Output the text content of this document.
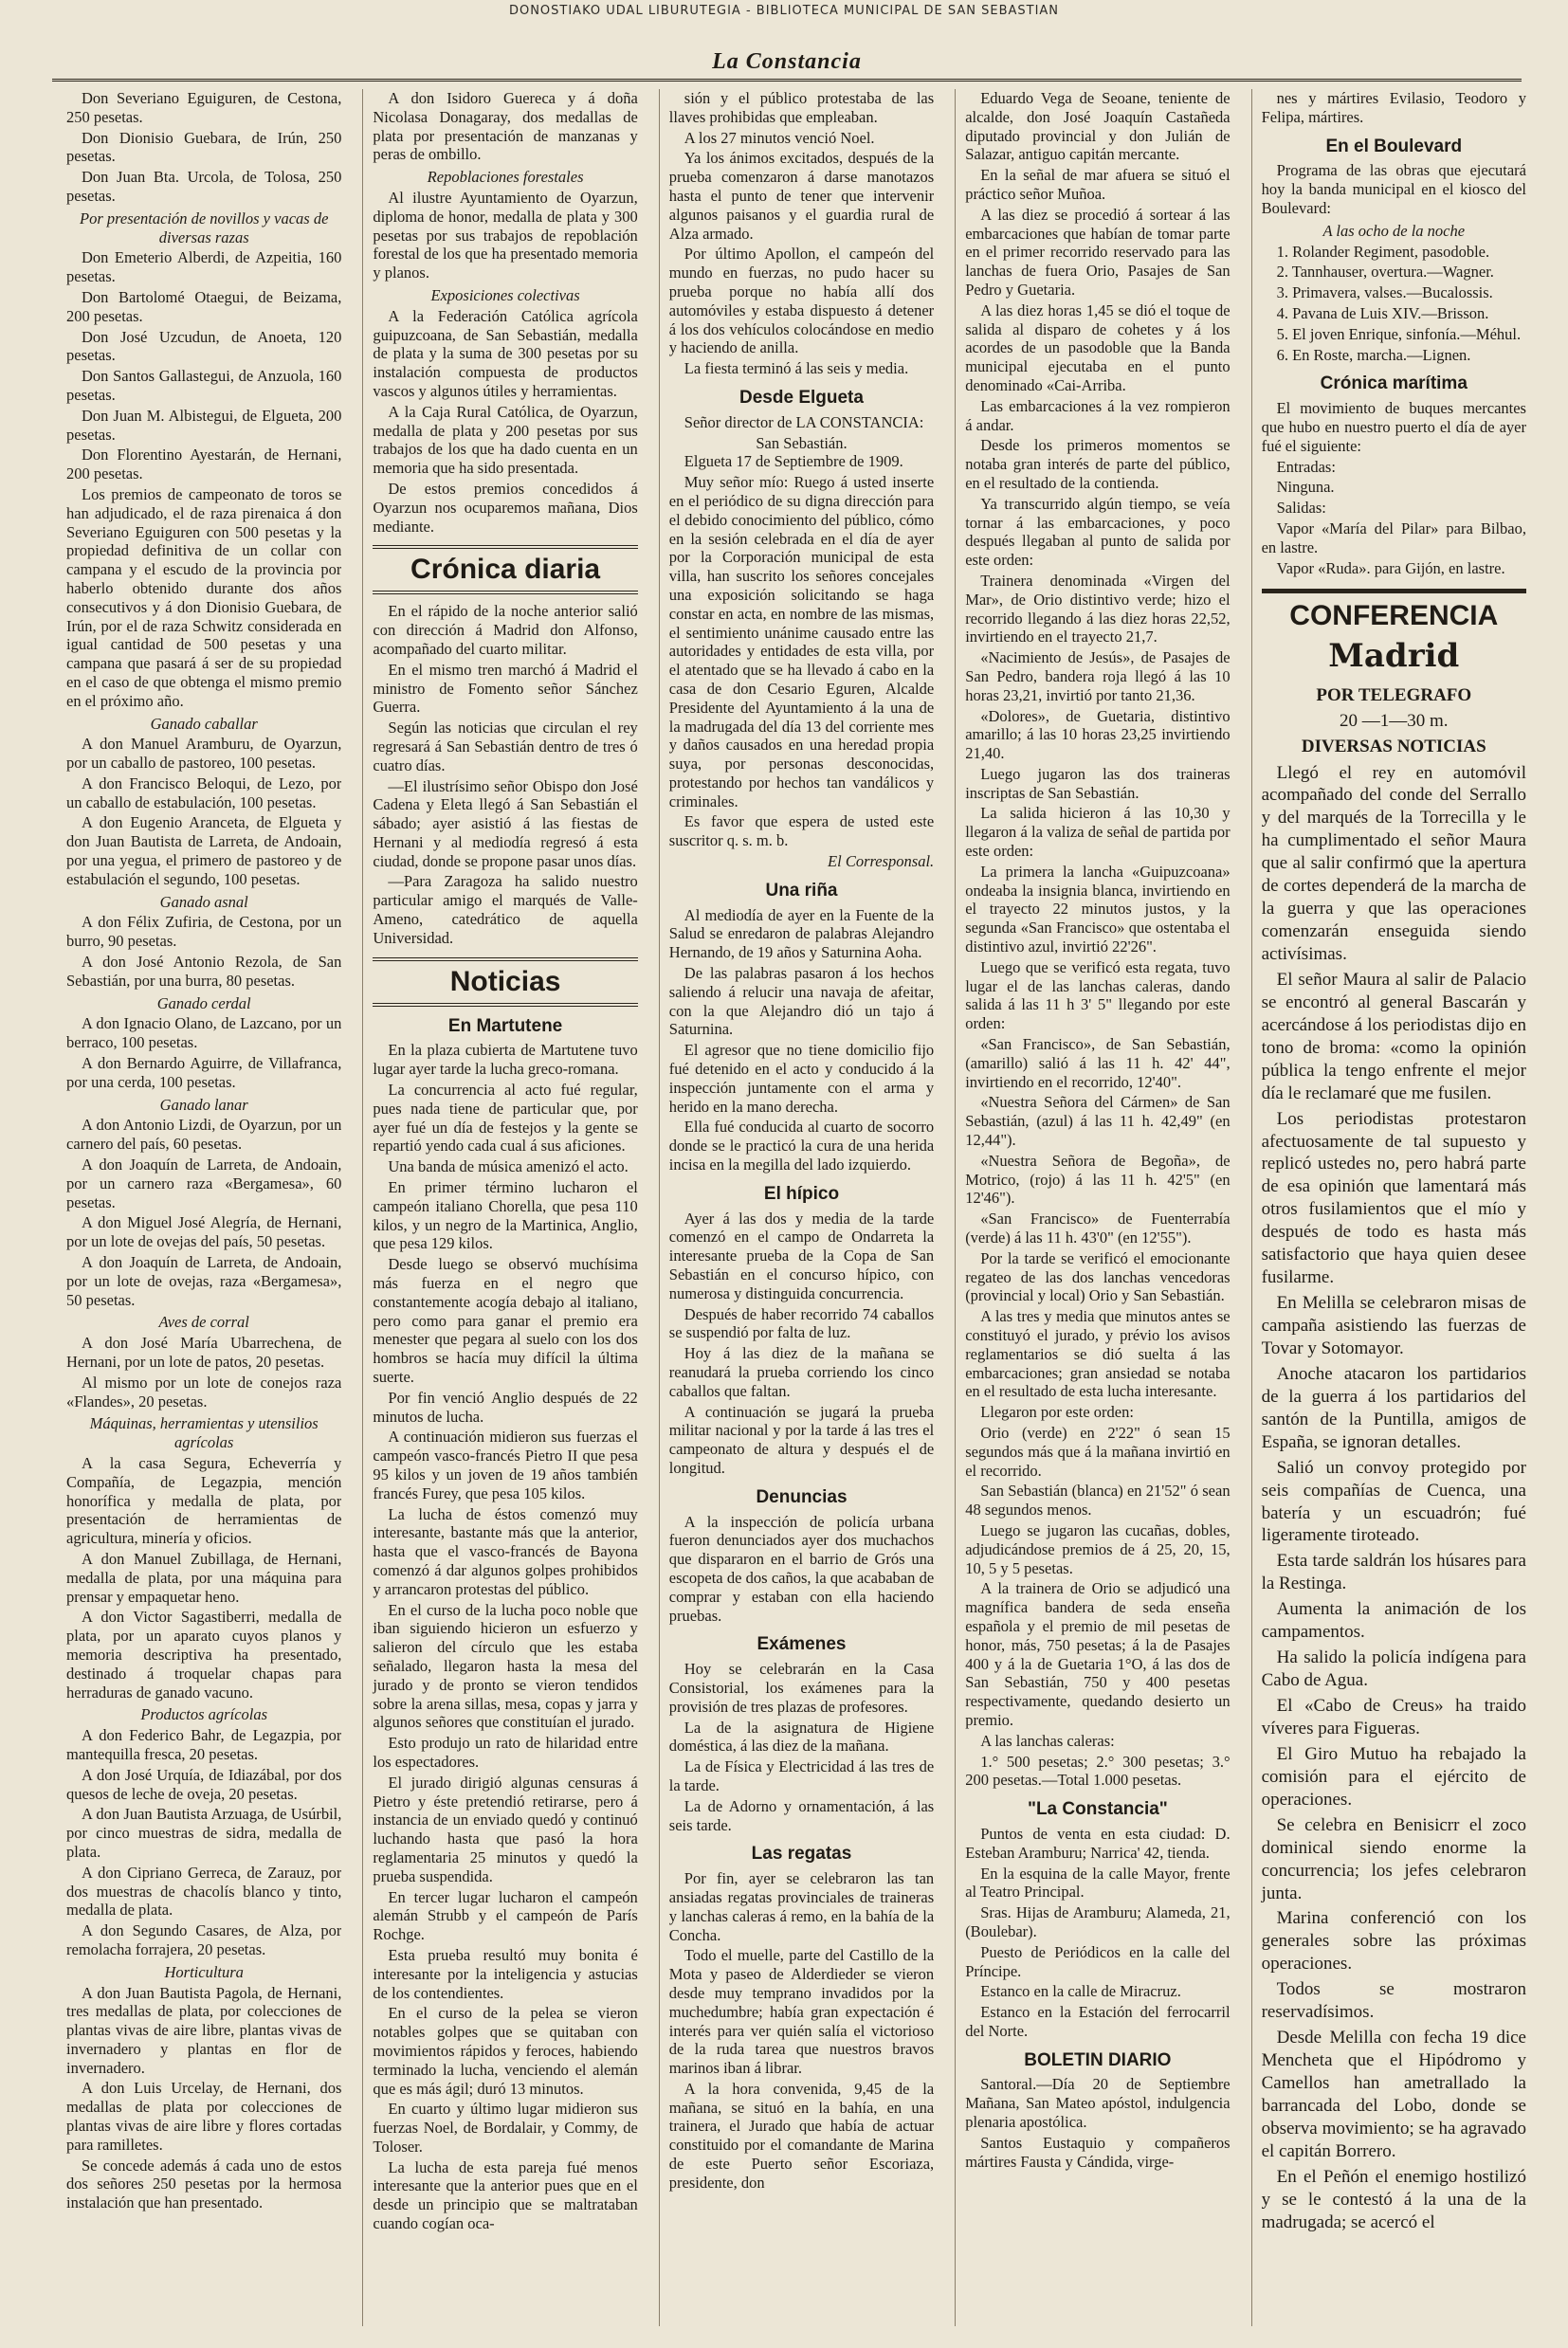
DONOSTIAKO UDAL LIBURUTEGIA - BIBLIOTECA MUNICIPAL DE SAN SEBASTIAN
La Constancia

Don Severiano Eguiguren, de Cestona, 250 pesetas.

Don Dionisio Guebara, de Irún, 250 pesetas.

Don Juan Bta. Urcola, de Tolosa, 250 pesetas.

Por presentación de novillos y vacas de diversas razas

Don Emeterio Alberdi, de Azpeitia, 160 pesetas.

Don Bartolomé Otaegui, de Beizama, 200 pesetas.

Don José Uzcudun, de Anoeta, 120 pesetas.

Don Santos Gallastegui, de Anzuola, 160 pesetas.

Don Juan M. Albistegui, de Elgueta, 200 pesetas.

Don Florentino Ayestarán, de Hernani, 200 pesetas.

Los premios de campeonato de toros se han adjudicado, el de raza pirenaica á don Severiano Eguiguren con 500 pesetas y la propiedad definitiva de un collar con campana y el escudo de la provincia por haberlo obtenido durante dos años consecutivos y á don Dionisio Guebara, de Irún, por el de raza Schwitz considerada en igual cantidad de 500 pesetas y una campana que pasará á ser de su propiedad en el caso de que obtenga el mismo premio en el próximo año.

Ganado caballar

A don Manuel Aramburu, de Oyarzun, por un caballo de pastoreo, 100 pesetas.

A don Francisco Beloqui, de Lezo, por un caballo de estabulación, 100 pesetas.

A don Eugenio Aranceta, de Elgueta y don Juan Bautista de Larreta, de Andoain, por una yegua, el primero de pastoreo y de estabulación el segundo, 100 pesetas.

Ganado asnal

A don Félix Zufiria, de Cestona, por un burro, 90 pesetas.

A don José Antonio Rezola, de San Sebastián, por una burra, 80 pesetas.

Ganado cerdal

A don Ignacio Olano, de Lazcano, por un berraco, 100 pesetas.

A don Bernardo Aguirre, de Villafranca, por una cerda, 100 pesetas.

Ganado lanar

A don Antonio Lizdi, de Oyarzun, por un carnero del país, 60 pesetas.

A don Joaquín de Larreta, de Andoain, por un carnero raza «Bergamesa», 60 pesetas.

A don Miguel José Alegría, de Hernani, por un lote de ovejas del país, 50 pesetas.

A don Joaquín de Larreta, de Andoain, por un lote de ovejas, raza «Bergamesa», 50 pesetas.

Aves de corral

A don José María Ubarrechena, de Hernani, por un lote de patos, 20 pesetas.

Al mismo por un lote de conejos raza «Flandes», 20 pesetas.

Máquinas, herramientas y utensilios agrícolas

A la casa Segura, Echeverría y Compañía, de Legazpia, mención honorífica y medalla de plata, por presentación de herramientas de agricultura, minería y oficios.

A don Manuel Zubillaga, de Hernani, medalla de plata, por una máquina para prensar y empaquetar heno.

A don Victor Sagastiberri, medalla de plata, por un aparato cuyos planos y memoria descriptiva ha presentado, destinado á troquelar chapas para herraduras de ganado vacuno.

Productos agrícolas

A don Federico Bahr, de Legazpia, por mantequilla fresca, 20 pesetas.

A don José Urquía, de Idiazábal, por dos quesos de leche de oveja, 20 pesetas.

A don Juan Bautista Arzuaga, de Usúrbil, por cinco muestras de sidra, medalla de plata.

A don Cipriano Gerreca, de Zarauz, por dos muestras de chacolís blanco y tinto, medalla de plata.

A don Segundo Casares, de Alza, por remolacha forrajera, 20 pesetas.

Horticultura

A don Juan Bautista Pagola, de Hernani, tres medallas de plata, por colecciones de plantas vivas de aire libre, plantas vivas de invernadero y plantas en flor de invernadero.

A don Luis Urcelay, de Hernani, dos medallas de plata por colecciones de plantas vivas de aire libre y flores cortadas para ramilletes.

Se concede además á cada uno de estos dos señores 250 pesetas por la hermosa instalación que han presentado.

A don Isidoro Guereca y á doña Nicolasa Donagaray, dos medallas de plata por presentación de manzanas y peras de ombillo.

Repoblaciones forestales

Al ilustre Ayuntamiento de Oyarzun, diploma de honor, medalla de plata y 300 pesetas por sus trabajos de repoblación forestal de los que ha presentado memoria y planos.

Exposiciones colectivas

A la Federación Católica agrícola guipuzcoana, de San Sebastián, medalla de plata y la suma de 300 pesetas por su instalación compuesta de productos vascos y algunos útiles y herramientas.

A la Caja Rural Católica, de Oyarzun, medalla de plata y 200 pesetas por sus trabajos de los que ha dado cuenta en un memoria que ha sido presentada.

De estos premios concedidos á Oyarzun nos ocuparemos mañana, Dios mediante.

Crónica diaria

En el rápido de la noche anterior salió con dirección á Madrid don Alfonso, acompañado del cuarto militar.

En el mismo tren marchó á Madrid el ministro de Fomento señor Sánchez Guerra.

Según las noticias que circulan el rey regresará á San Sebastián dentro de tres ó cuatro días.

—El ilustrísimo señor Obispo don José Cadena y Eleta llegó á San Sebastián el sábado; ayer asistió á las fiestas de Hernani y al mediodía regresó á esta ciudad, donde se propone pasar unos días.

—Para Zaragoza ha salido nuestro particular amigo el marqués de Valle-Ameno, catedrático de aquella Universidad.

Noticias
En Martutene

En la plaza cubierta de Martutene tuvo lugar ayer tarde la lucha greco-romana.

La concurrencia al acto fué regular, pues nada tiene de particular que, por ayer fué un día de festejos y la gente se repartió yendo cada cual á sus aficiones.

Una banda de música amenizó el acto.

En primer término lucharon el campeón italiano Chorella, que pesa 110 kilos, y un negro de la Martinica, Anglio, que pesa 129 kilos.

Desde luego se observó muchísima más fuerza en el negro que constantemente acogía debajo al italiano, pero como para ganar el premio era menester que pegara al suelo con los dos hombros se hacía muy difícil la última suerte.

Por fin venció Anglio después de 22 minutos de lucha.

A continuación midieron sus fuerzas el campeón vasco-francés Pietro II que pesa 95 kilos y un joven de 19 años también francés Furey, que pesa 105 kilos.

La lucha de éstos comenzó muy interesante, bastante más que la anterior, hasta que el vasco-francés de Bayona comenzó á dar algunos golpes prohibidos y arrancaron protestas del público.

En el curso de la lucha poco noble que iban siguiendo hicieron un esfuerzo y salieron del círculo que les estaba señalado, llegaron hasta la mesa del jurado y de pronto se vieron tendidos sobre la arena sillas, mesa, copas y jarra y algunos señores que constituían el jurado.

Esto produjo un rato de hilaridad entre los espectadores.

El jurado dirigió algunas censuras á Pietro y éste pretendió retirarse, pero á instancia de un enviado quedó y continuó luchando hasta que pasó la hora reglamentaria 25 minutos y quedó la prueba suspendida.

En tercer lugar lucharon el campeón alemán Strubb y el campeón de París Rochge.

Esta prueba resultó muy bonita é interesante por la inteligencia y astucias de los contendientes.

En el curso de la pelea se vieron notables golpes que se quitaban con movimientos rápidos y feroces, habiendo terminado la lucha, venciendo el alemán que es más ágil; duró 13 minutos.

En cuarto y último lugar midieron sus fuerzas Noel, de Bordalair, y Commy, de Toloser.

La lucha de esta pareja fué menos interesante que la anterior pues que en el desde un principio que se maltrataban cuando cogían oca-

sión y el público protestaba de las llaves prohibidas que empleaban.

A los 27 minutos venció Noel.

Ya los ánimos excitados, después de la prueba comenzaron á darse manotazos hasta el punto de tener que intervenir algunos paisanos y el guardia rural de Alza armado.

Por último Apollon, el campeón del mundo en fuerzas, no pudo hacer su prueba porque no había allí dos automóviles y estaba dispuesto á detener á los dos vehículos colocándose en medio y haciendo de anilla.

La fiesta terminó á las seis y media.

Desde Elgueta

Señor director de LA CONSTANCIA:

San Sebastián.

Elgueta 17 de Septiembre de 1909.

Muy señor mío: Ruego á usted inserte en el periódico de su digna dirección para el debido conocimiento del público, cómo en la sesión celebrada en el día de ayer por la Corporación municipal de esta villa, han suscrito los señores concejales una exposición solicitando se haga constar en acta, en nombre de las mismas, el sentimiento unánime causado entre las autoridades y entidades de esta villa, por el atentado que se ha llevado á cabo en la casa de don Cesario Eguren, Alcalde Presidente del Ayuntamiento á la una de la madrugada del día 13 del corriente mes y daños causados en una heredad propia suya, por personas desconocidas, protestando por hechos tan vandálicos y criminales.

Es favor que espera de usted este suscritor q. s. m. b.

El Corresponsal.
Una riña

Al mediodía de ayer en la Fuente de la Salud se enredaron de palabras Alejandro Hernando, de 19 años y Saturnina Aoha.

De las palabras pasaron á los hechos saliendo á relucir una navaja de afeitar, con la que Alejandro dió un tajo á Saturnina.

El agresor que no tiene domicilio fijo fué detenido en el acto y conducido á la inspección juntamente con el arma y herido en la mano derecha.

Ella fué conducida al cuarto de socorro donde se le practicó la cura de una herida incisa en la megilla del lado izquierdo.

El hípico

Ayer á las dos y media de la tarde comenzó en el campo de Ondarreta la interesante prueba de la Copa de San Sebastián en el concurso hípico, con numerosa y distinguida concurrencia.

Después de haber recorrido 74 caballos se suspendió por falta de luz.

Hoy á las diez de la mañana se reanudará la prueba corriendo los cinco caballos que faltan.

A continuación se jugará la prueba militar nacional y por la tarde á las tres el campeonato de altura y después el de longitud.

Denuncias

A la inspección de policía urbana fueron denunciados ayer dos muchachos que dispararon en el barrio de Grós una escopeta de dos caños, la que acababan de comprar y estaban con ella haciendo pruebas.

Exámenes

Hoy se celebrarán en la Casa Consistorial, los exámenes para la provisión de tres plazas de profesores.

La de la asignatura de Higiene doméstica, á las diez de la mañana.

La de Física y Electricidad á las tres de la tarde.

La de Adorno y ornamentación, á las seis tarde.

Las regatas

Por fin, ayer se celebraron las tan ansiadas regatas provinciales de traineras y lanchas caleras á remo, en la bahía de la Concha.

Todo el muelle, parte del Castillo de la Mota y paseo de Alderdieder se vieron desde muy temprano invadidos por la muchedumbre; había gran expectación é interés para ver quién salía el victorioso de la ruda tarea que nuestros bravos marinos iban á librar.

A la hora convenida, 9,45 de la mañana, se situó en la bahía, en una trainera, el Jurado que había de actuar constituido por el comandante de Marina de este Puerto señor Escoriaza, presidente, don

Eduardo Vega de Seoane, teniente de alcalde, don José Joaquín Castañeda diputado provincial y don Julián de Salazar, antiguo capitán mercante.

En la señal de mar afuera se situó el práctico señor Muñoa.

A las diez se procedió á sortear á las embarcaciones que habían de tomar parte en el primer recorrido reservado para las lanchas de fuera Orio, Pasajes de San Pedro y Guetaria.

A las diez horas 1,45 se dió el toque de salida al disparo de cohetes y á los acordes de un pasodoble que la Banda municipal ejecutaba en el punto denominado «Cai-Arriba.

Las embarcaciones á la vez rompieron á andar.

Desde los primeros momentos se notaba gran interés de parte del público, en el resultado de la contienda.

Ya transcurrido algún tiempo, se veía tornar á las embarcaciones, y poco después llegaban al punto de salida por este orden:

Trainera denominada «Virgen del Mar», de Orio distintivo verde; hizo el recorrido llegando á las diez horas 22,52, invirtiendo en el trayecto 21,7.

«Nacimiento de Jesús», de Pasajes de San Pedro, bandera roja llegó á las 10 horas 23,21, invirtió por tanto 21,36.

«Dolores», de Guetaria, distintivo amarillo; á las 10 horas 23,25 invirtiendo 21,40.

Luego jugaron las dos traineras inscriptas de San Sebastián.

La salida hicieron á las 10,30 y llegaron á la valiza de señal de partida por este orden:

La primera la lancha «Guipuzcoana» ondeaba la insignia blanca, invirtiendo en el trayecto 22 minutos justos, y la segunda «San Francisco» que ostentaba el distintivo azul, invirtió 22'26".

Luego que se verificó esta regata, tuvo lugar el de las lanchas caleras, dando salida á las 11 h 3' 5" llegando por este orden:

«San Francisco», de San Sebastián, (amarillo) salió á las 11 h. 42' 44", invirtiendo en el recorrido, 12'40".

«Nuestra Señora del Cármen» de San Sebastián, (azul) á las 11 h. 42,49" (en 12,44").

«Nuestra Señora de Begoña», de Motrico, (rojo) á las 11 h. 42'5" (en 12'46").

«San Francisco» de Fuenterrabía (verde) á las 11 h. 43'0" (en 12'55").

Por la tarde se verificó el emocionante regateo de las dos lanchas vencedoras (provincial y local) Orio y San Sebastián.

A las tres y media que minutos antes se constituyó el jurado, y prévio los avisos reglamentarios se dió suelta á las embarcaciones; gran ansiedad se notaba en el resultado de esta lucha interesante.

Llegaron por este orden:

Orio (verde) en 2'22" ó sean 15 segundos más que á la mañana invirtió en el recorrido.

San Sebastián (blanca) en 21'52" ó sean 48 segundos menos.

Luego se jugaron las cucañas, dobles, adjudicándose premios de á 25, 20, 15, 10, 5 y 5 pesetas.

A la trainera de Orio se adjudicó una magnífica bandera de seda enseña española y el premio de mil pesetas de honor, más, 750 pesetas; á la de Pasajes 400 y á la de Guetaria 1°O, á las dos de San Sebastián, 750 y 400 pesetas respectivamente, quedando desierto un premio.

A las lanchas caleras:

1.° 500 pesetas; 2.° 300 pesetas; 3.° 200 pesetas.—Total 1.000 pesetas.

"La Constancia"

Puntos de venta en esta ciudad: D. Esteban Aramburu; Narrica' 42, tienda.

En la esquina de la calle Mayor, frente al Teatro Principal.

Sras. Hijas de Aramburu; Alameda, 21, (Boulebar).

Puesto de Periódicos en la calle del Príncipe.

Estanco en la calle de Miracruz.

Estanco en la Estación del ferrocarril del Norte.

BOLETIN DIARIO

Santoral.—Día 20 de Septiembre Mañana, San Mateo apóstol, indulgencia plenaria apostólica.

Santos Eustaquio y compañeros mártires Fausta y Cándida, virge-

nes y mártires Evilasio, Teodoro y Felipa, mártires.

En el Boulevard

Programa de las obras que ejecutará hoy la banda municipal en el kiosco del Boulevard:

A las ocho de la noche

1. Rolander Regiment, pasodoble.

2. Tannhauser, overtura.—Wagner.

3. Primavera, valses.—Bucalossis.

4. Pavana de Luis XIV.—Brisson.

5. El joven Enrique, sinfonía.—Méhul.

6. En Roste, marcha.—Lignen.

Crónica marítima

El movimiento de buques mercantes que hubo en nuestro puerto el día de ayer fué el siguiente:

Entradas:

Ninguna.

Salidas:

Vapor «María del Pilar» para Bilbao, en lastre.

Vapor «Ruda». para Gijón, en lastre.

CONFERENCIA
Madrid
POR TELEGRAFO
20 —1—30 m.
DIVERSAS NOTICIAS

Llegó el rey en automóvil acompañado del conde del Serrallo y del marqués de la Torrecilla y le ha cumplimentado el señor Maura que al salir confirmó que la apertura de cortes dependerá de la marcha de la guerra y que las operaciones comenzarán enseguida siendo activísimas.

El señor Maura al salir de Palacio se encontró al general Bascarán y acercándose á los periodistas dijo en tono de broma: «como la opinión pública la tengo enfrente el mejor día le reclamaré que me fusilen.

Los periodistas protestaron afectuosamente de tal supuesto y replicó ustedes no, pero habrá parte de esa opinión que lamentará más otros fusilamientos que el mío y después de todo es hasta más satisfactorio que haya quien desee fusilarme.

En Melilla se celebraron misas de campaña asistiendo las fuerzas de Tovar y Sotomayor.

Anoche atacaron los partidarios de la guerra á los partidarios del santón de la Puntilla, amigos de España, se ignoran detalles.

Salió un convoy protegido por seis compañías de Cuenca, una batería y un escuadrón; fué ligeramente tiroteado.

Esta tarde saldrán los húsares para la Restinga.

Aumenta la animación de los campamentos.

Ha salido la policía indígena para Cabo de Agua.

El «Cabo de Creus» ha traido víveres para Figueras.

El Giro Mutuo ha rebajado la comisión para el ejército de operaciones.

Se celebra en Benisicrr el zoco dominical siendo enorme la concurrencia; los jefes celebraron junta.

Marina conferenció con los generales sobre las próximas operaciones.

Todos se mostraron reservadísimos.

Desde Melilla con fecha 19 dice Mencheta que el Hipódromo y Camellos han ametrallado la barrancada del Lobo, donde se observa movimiento; se ha agravado el capitán Borrero.

En el Peñón el enemigo hostilizó y se le contestó á la una de la madrugada; se acercó el
